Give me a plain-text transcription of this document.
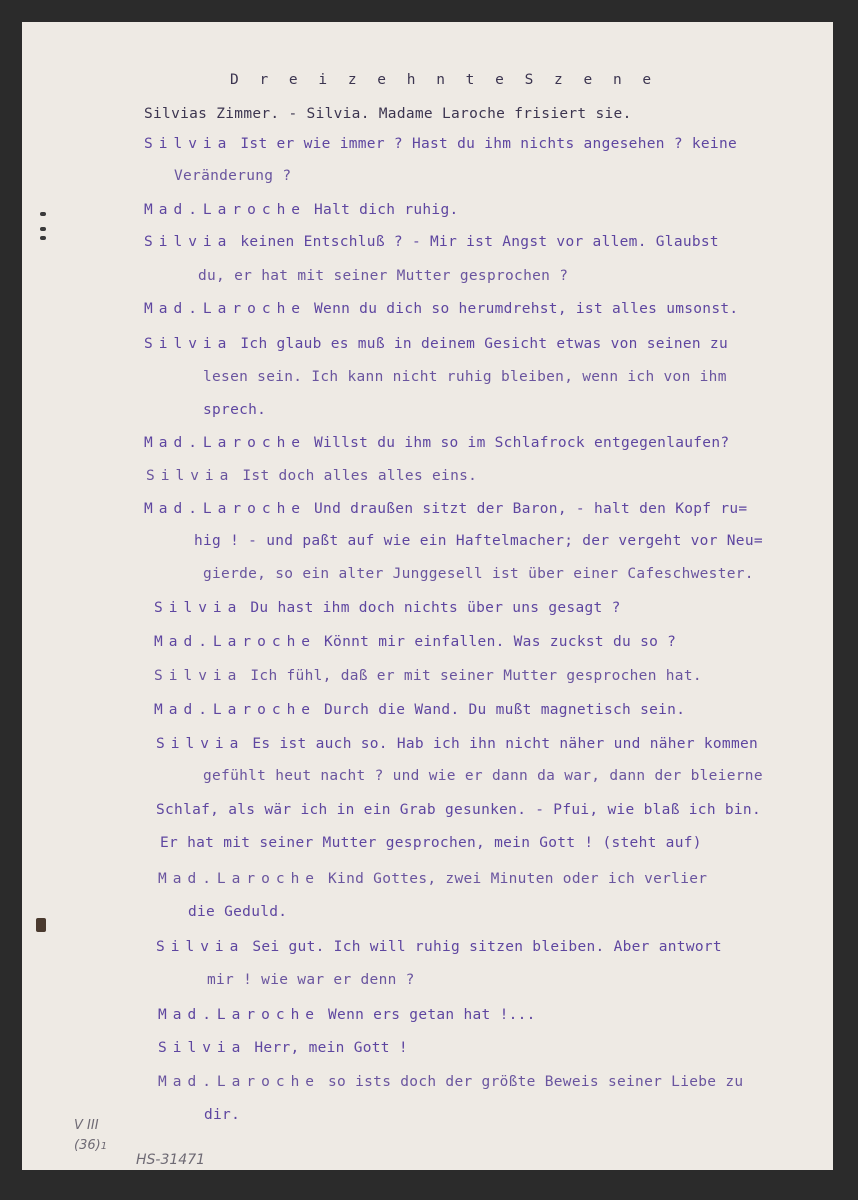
D r e i z e h n t e S z e n e
Silvias Zimmer. - Silvia. Madame Laroche frisiert sie.
Silvia Ist er wie immer ? Hast du ihm nichts angesehen ? keine
Veränderung ?
Mad.Laroche Halt dich ruhig.
Silvia keinen Entschluß ? - Mir ist Angst vor allem. Glaubst
du, er hat mit seiner Mutter gesprochen ?
Mad.Laroche Wenn du dich so herumdrehst, ist alles umsonst.
Silvia Ich glaub es muß in deinem Gesicht etwas von seinen zu
lesen sein. Ich kann nicht ruhig bleiben, wenn ich von ihm
sprech.
Mad.Laroche Willst du ihm so im Schlafrock entgegenlaufen?
Silvia Ist doch alles alles eins.
Mad.Laroche Und draußen sitzt der Baron, - halt den Kopf ru=
hig ! - und paßt auf wie ein Haftelmacher; der vergeht vor Neu=
gierde, so ein alter Junggesell ist über einer Cafeschwester.
Silvia Du hast ihm doch nichts über uns gesagt ?
Mad.Laroche Könnt mir einfallen. Was zuckst du so ?
Silvia Ich fühl, daß er mit seiner Mutter gesprochen hat.
Mad.Laroche Durch die Wand. Du mußt magnetisch sein.
Silvia Es ist auch so. Hab ich ihn nicht näher und näher kommen
gefühlt heut nacht ? und wie er dann da war, dann der bleierne
Schlaf, als wär ich in ein Grab gesunken. - Pfui, wie blaß ich bin.
Er hat mit seiner Mutter gesprochen, mein Gott ! (steht auf)
Mad.Laroche Kind Gottes, zwei Minuten oder ich verlier
die Geduld.
Silvia Sei gut. Ich will ruhig sitzen bleiben. Aber antwort
mir ! wie war er denn ?
Mad.Laroche Wenn ers getan hat !...
Silvia Herr, mein Gott !
Mad.Laroche so ists doch der größte Beweis seiner Liebe zu
dir.
V III
(36)1
HS-31471
